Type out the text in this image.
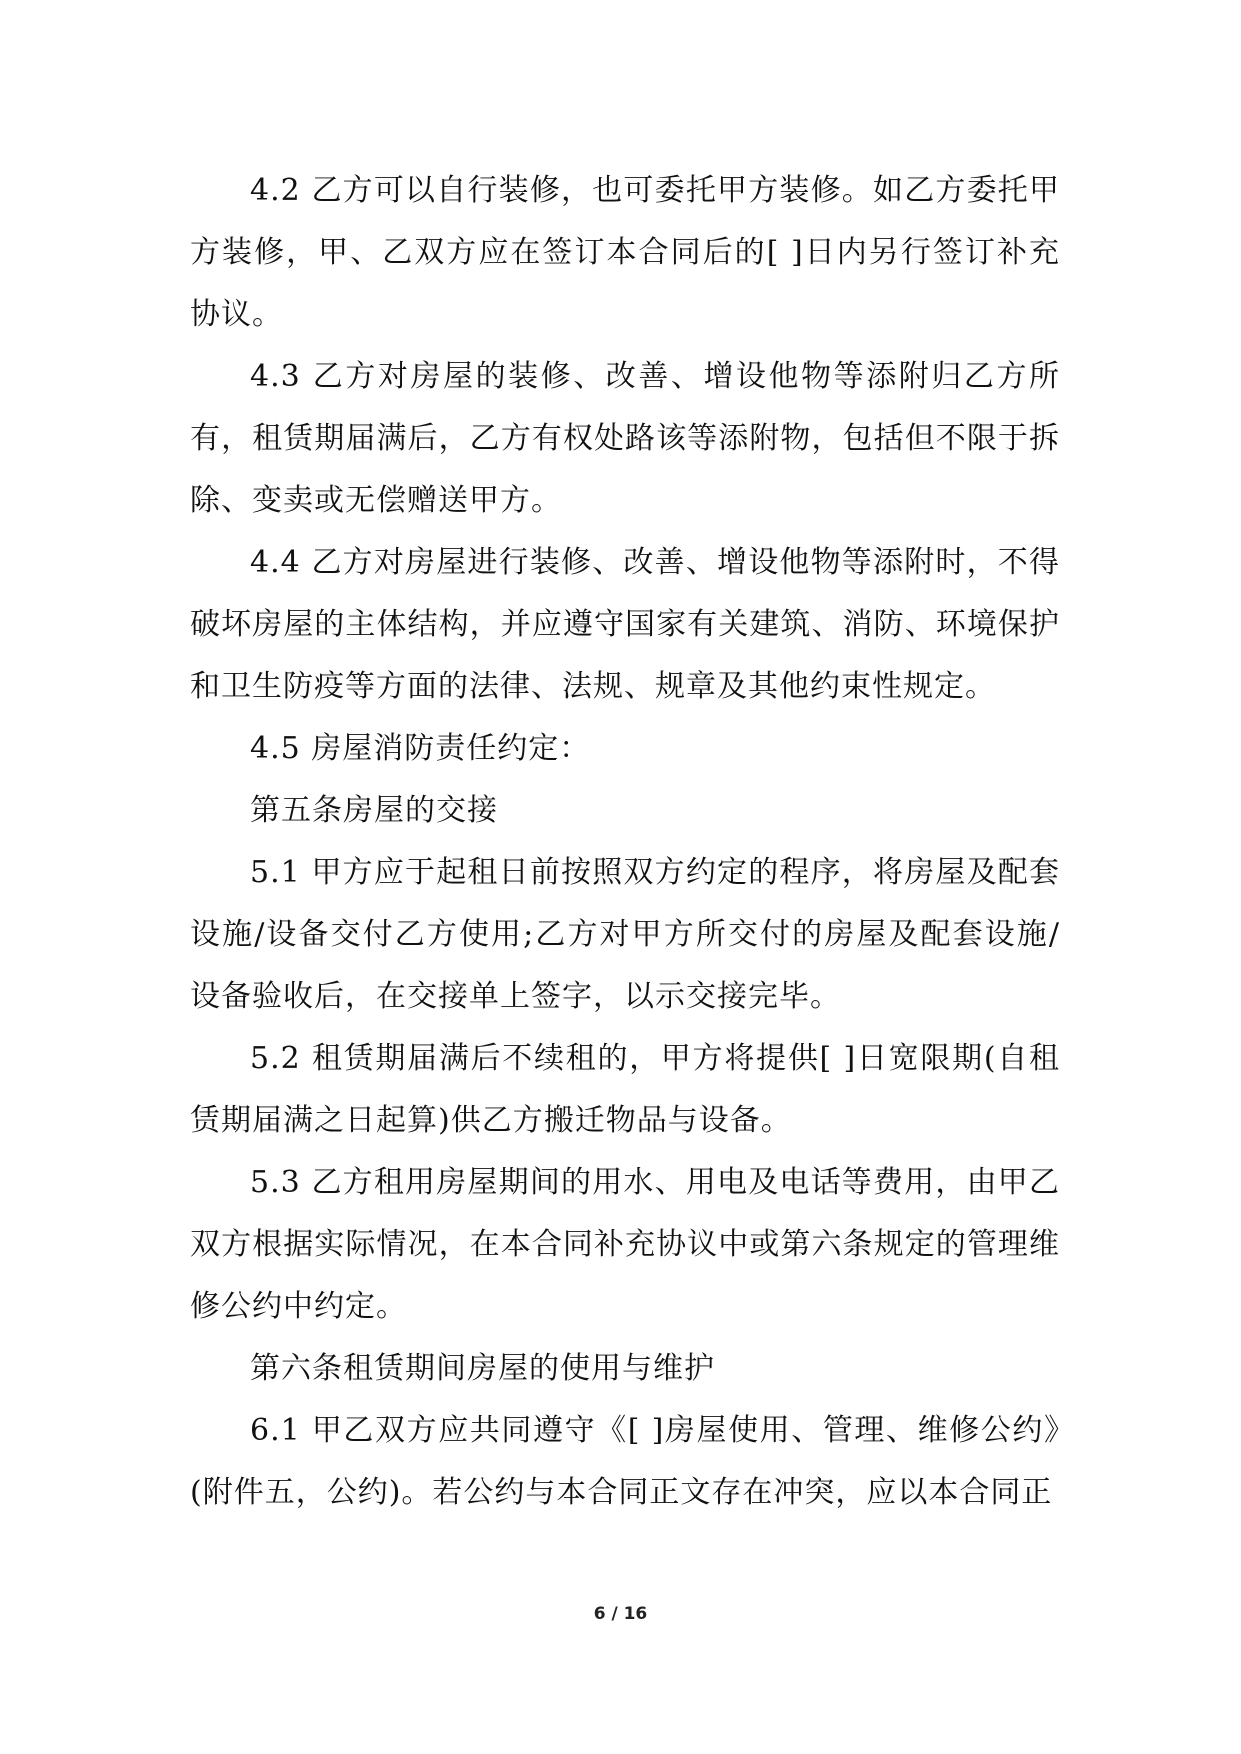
4.2 乙方可以自行装修，也可委托甲方装修。如乙方委托甲方装修，甲、乙双方应在签订本合同后的[ ]日内另行签订补充协议。

4.3 乙方对房屋的装修、改善、增设他物等添附归乙方所有，租赁期届满后，乙方有权处路该等添附物，包括但不限于拆除、变卖或无偿赠送甲方。

4.4 乙方对房屋进行装修、改善、增设他物等添附时，不得破坏房屋的主体结构，并应遵守国家有关建筑、消防、环境保护和卫生防疫等方面的法律、法规、规章及其他约束性规定。

4.5 房屋消防责任约定：

第五条房屋的交接

5.1 甲方应于起租日前按照双方约定的程序，将房屋及配套设施/设备交付乙方使用;乙方对甲方所交付的房屋及配套设施/设备验收后，在交接单上签字，以示交接完毕。

5.2 租赁期届满后不续租的，甲方将提供[ ]日宽限期(自租赁期届满之日起算)供乙方搬迁物品与设备。

5.3 乙方租用房屋期间的用水、用电及电话等费用，由甲乙双方根据实际情况，在本合同补充协议中或第六条规定的管理维修公约中约定。

第六条租赁期间房屋的使用与维护

6.1 甲乙双方应共同遵守《[ ]房屋使用、管理、维修公约》(附件五，公约)。若公约与本合同正文存在冲突，应以本合同正

6 / 16
